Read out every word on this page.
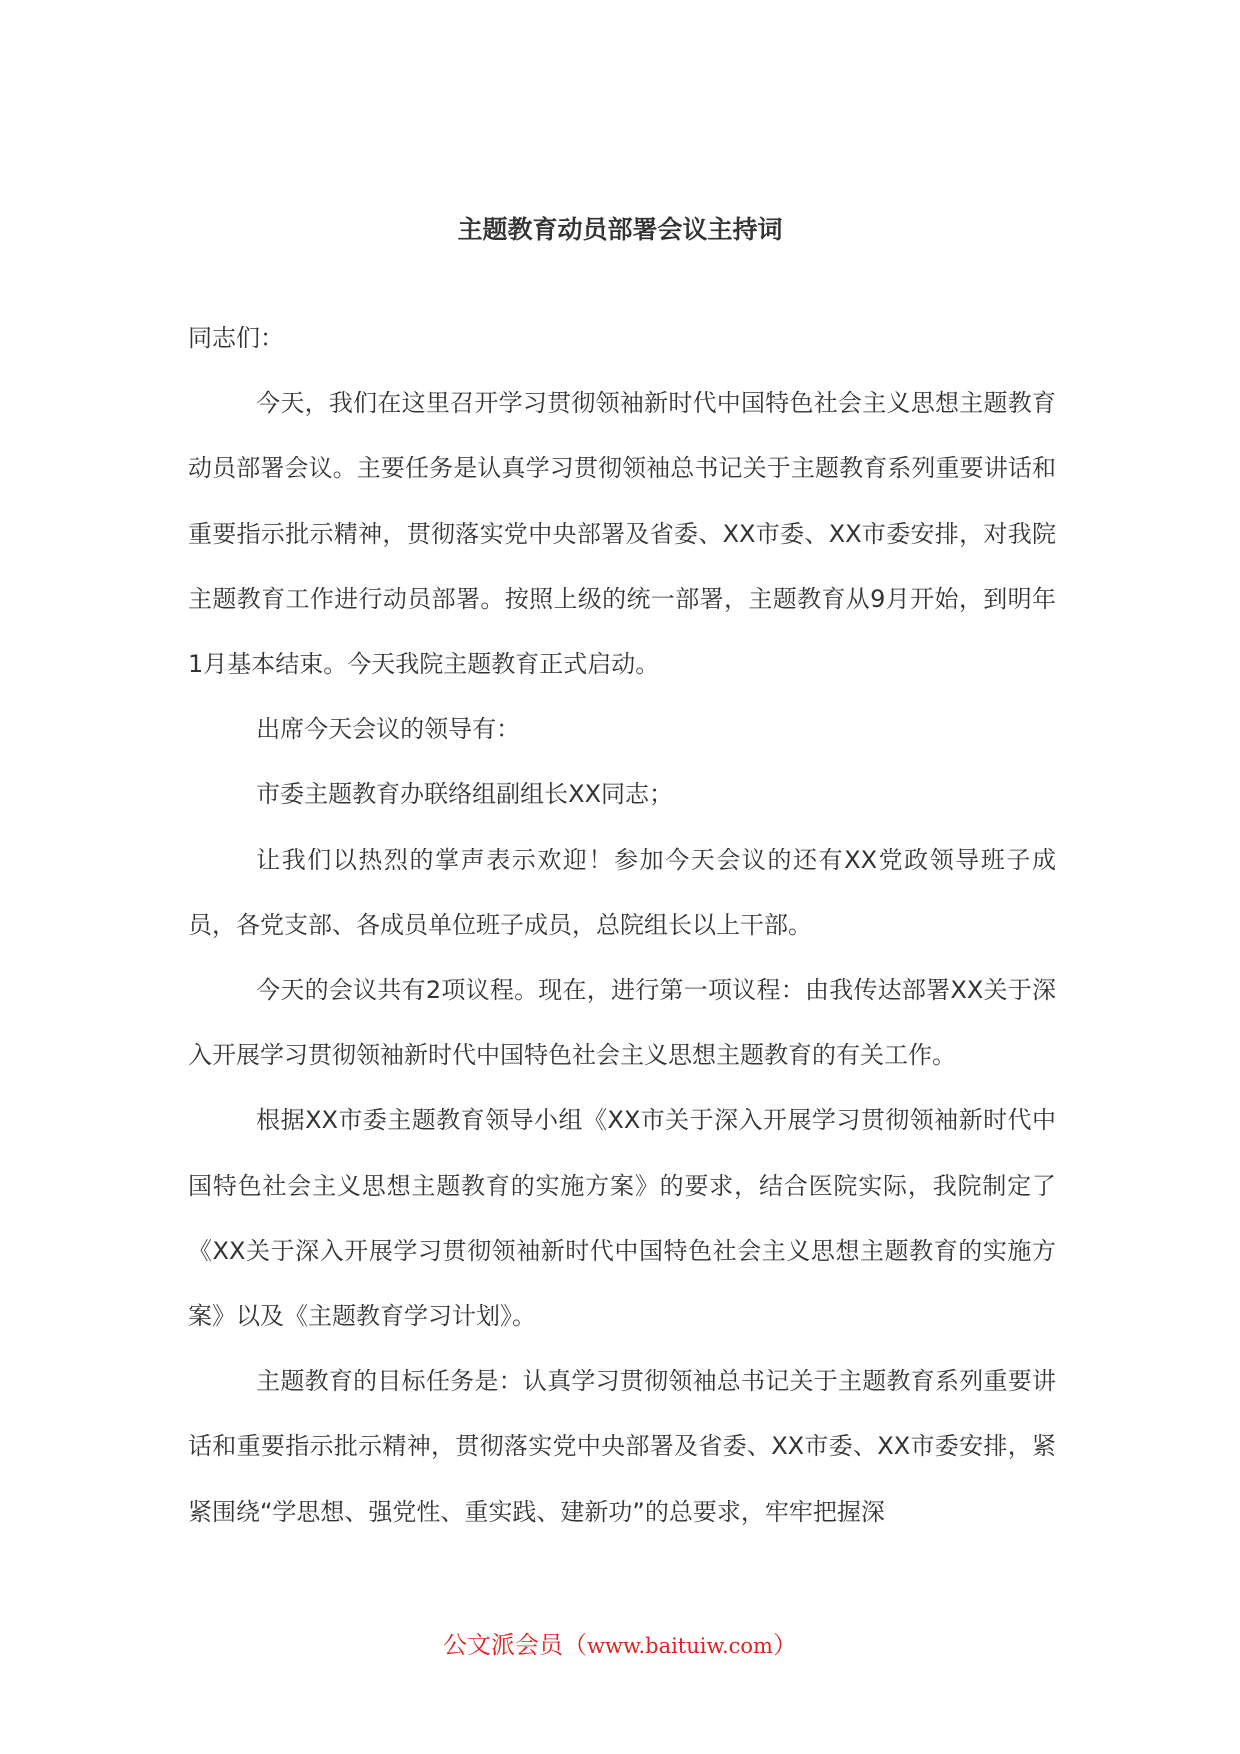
主题教育动员部署会议主持词

同志们：

今天，我们在这里召开学习贯彻领袖新时代中国特色社会主义思想主题教育动员部署会议。主要任务是认真学习贯彻领袖总书记关于主题教育系列重要讲话和重要指示批示精神，贯彻落实党中央部署及省委、XX市委、XX市委安排，对我院主题教育工作进行动员部署。按照上级的统一部署，主题教育从9月开始，到明年1月基本结束。今天我院主题教育正式启动。

出席今天会议的领导有：

市委主题教育办联络组副组长XX同志；

让我们以热烈的掌声表示欢迎！参加今天会议的还有XX党政领导班子成员，各党支部、各成员单位班子成员，总院组长以上干部。

今天的会议共有2项议程。现在，进行第一项议程：由我传达部署XX关于深入开展学习贯彻领袖新时代中国特色社会主义思想主题教育的有关工作。

根据XX市委主题教育领导小组《XX市关于深入开展学习贯彻领袖新时代中国特色社会主义思想主题教育的实施方案》的要求，结合医院实际，我院制定了《XX关于深入开展学习贯彻领袖新时代中国特色社会主义思想主题教育的实施方案》以及《主题教育学习计划》。

主题教育的目标任务是：认真学习贯彻领袖总书记关于主题教育系列重要讲话和重要指示批示精神，贯彻落实党中央部署及省委、XX市委、XX市委安排，紧紧围绕“学思想、强党性、重实践、建新功”的总要求，牢牢把握深

公文派会员（www.baituiw.com）
